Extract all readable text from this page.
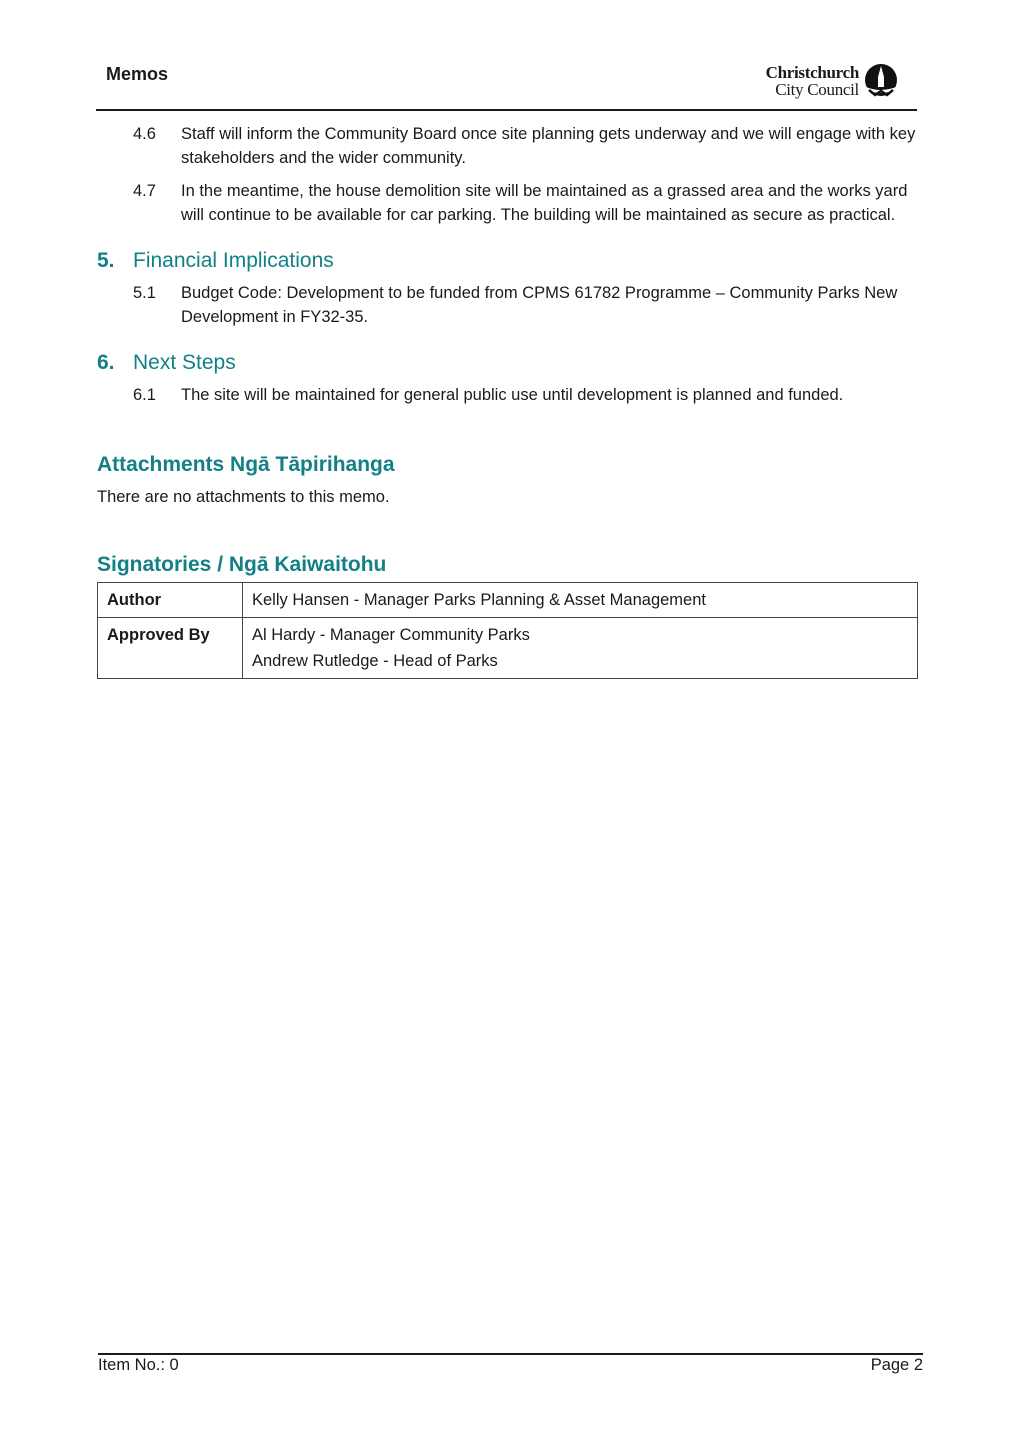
Memos	Christchurch
City Council
4.6	Staff will inform the Community Board once site planning gets underway and we will engage with key stakeholders and the wider community.
4.7	In the meantime, the house demolition site will be maintained as a grassed area and the works yard will continue to be available for car parking. The building will be maintained as secure as practical.
5. Financial Implications
5.1	Budget Code: Development to be funded from CPMS 61782 Programme – Community Parks New Development in FY32-35.
6. Next Steps
6.1	The site will be maintained for general public use until development is planned and funded.
Attachments Ngā Tāpirihanga
There are no attachments to this memo.
Signatories / Ngā Kaiwaitohu
Author	Kelly Hansen - Manager Parks Planning & Asset Management
Approved By	Al Hardy - Manager Community Parks
Andrew Rutledge - Head of Parks
Item No.: 0	Page 2
